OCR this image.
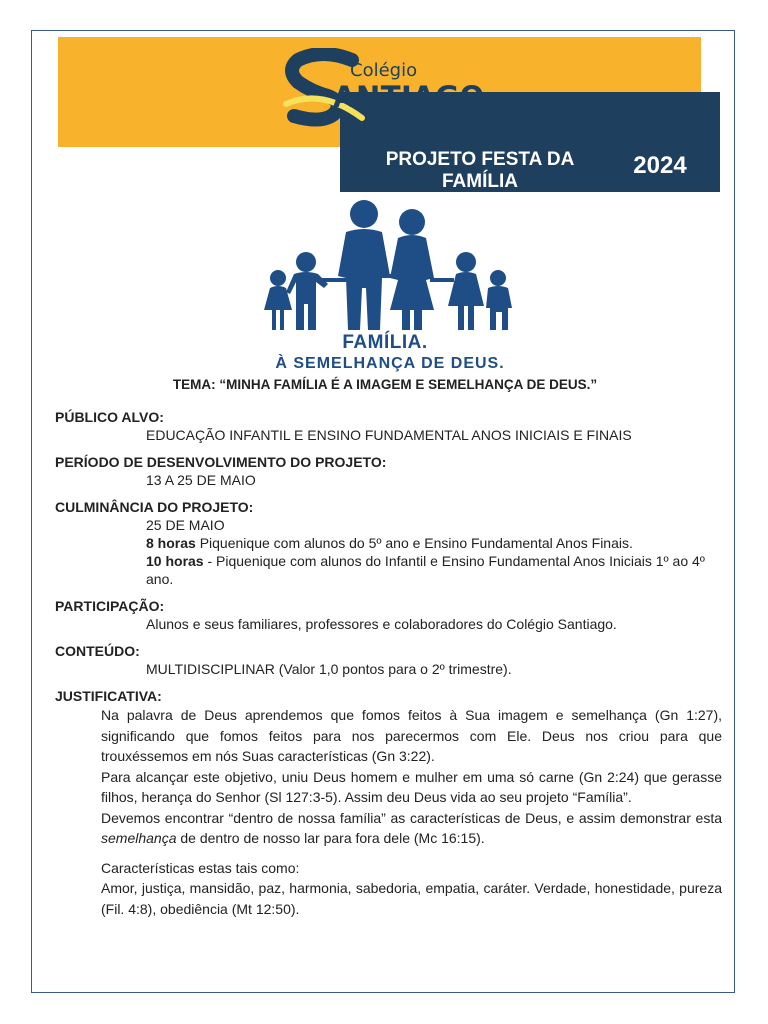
Colégio
ANTIAGO
PROJETO FESTA DA FAMÍLIA
2024
FAMÍLIA.
À SEMELHANÇA DE DEUS.
TEMA: “MINHA FAMÍLIA É A IMAGEM E SEMELHANÇA DE DEUS.”

PÚBLICO ALVO:

EDUCAÇÃO INFANTIL E ENSINO FUNDAMENTAL ANOS INICIAIS E FINAIS

PERÍODO DE DESENVOLVIMENTO DO PROJETO:

13 A 25 DE MAIO

CULMINÂNCIA DO PROJETO:

25 DE MAIO

8 horas Piquenique com alunos do 5º ano e Ensino Fundamental Anos Finais.

10 horas - Piquenique com alunos do Infantil e Ensino Fundamental Anos Iniciais 1º ao 4º ano.

PARTICIPAÇÃO:

Alunos e seus familiares, professores e colaboradores do Colégio Santiago.

CONTEÚDO:

MULTIDISCIPLINAR (Valor 1,0 pontos para o 2º trimestre).

JUSTIFICATIVA:

Na palavra de Deus aprendemos que fomos feitos à Sua imagem e semelhança (Gn 1:27), significando que fomos feitos para nos parecermos com Ele. Deus nos criou para que trouxéssemos em nós Suas características (Gn 3:22).

Para alcançar este objetivo, uniu Deus homem e mulher em uma só carne (Gn 2:24) que gerasse filhos, herança do Senhor (Sl 127:3-5). Assim deu Deus vida ao seu projeto “Família”.

Devemos encontrar “dentro de nossa família” as características de Deus, e assim demonstrar esta semelhança de dentro de nosso lar para fora dele (Mc 16:15).

Características estas tais como:

Amor, justiça, mansidão, paz, harmonia, sabedoria, empatia, caráter. Verdade, honestidade, pureza (Fil. 4:8), obediência (Mt 12:50).
